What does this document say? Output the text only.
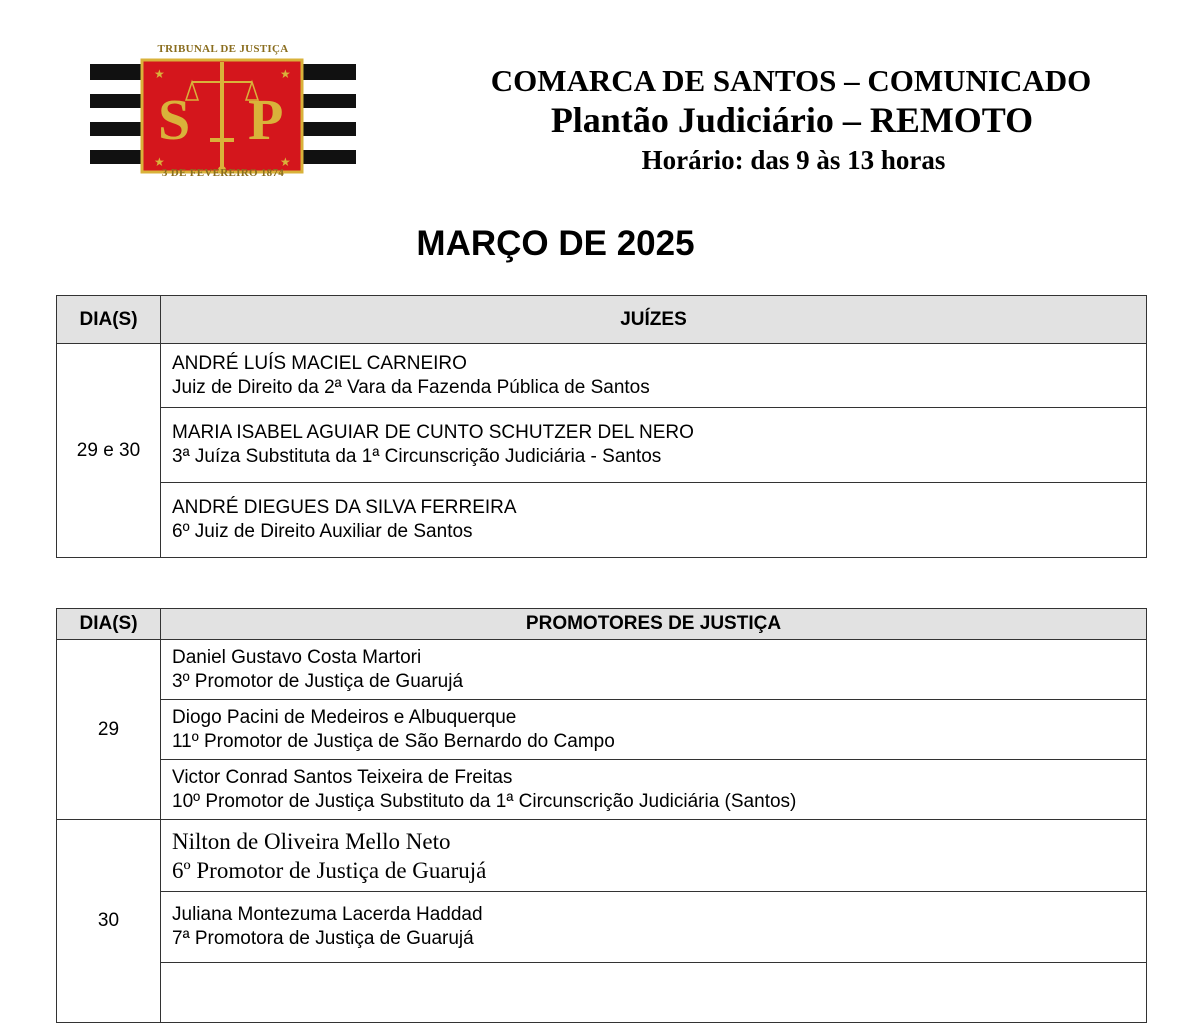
TRIBUNAL DE JUSTIÇA
★	★
★	★
S P
3 DE FEVEREIRO 1874
COMARCA DE SANTOS – COMUNICADO
Plantão Judiciário – REMOTO
Horário: das 9 às 13 horas
MARÇO DE 2025
DIA(S)	JUÍZES
29 e 30	ANDRÉ LUÍS MACIEL CARNEIRO
Juiz de Direito da 2ª Vara da Fazenda Pública de Santos

	MARIA ISABEL AGUIAR DE CUNTO SCHUTZER DEL NERO
3ª Juíza Substituta da 1ª Circunscrição Judiciária - Santos

	ANDRÉ DIEGUES DA SILVA FERREIRA
6º Juiz de Direito Auxiliar de Santos
DIA(S)	PROMOTORES DE JUSTIÇA
29	Daniel Gustavo Costa Martori
3º Promotor de Justiça de Guarujá

	Diogo Pacini de Medeiros e Albuquerque
11º Promotor de Justiça de São Bernardo do Campo

	Victor Conrad Santos Teixeira de Freitas
10º Promotor de Justiça Substituto da 1ª Circunscrição Judiciária (Santos)

30	Nilton de Oliveira Mello Neto
6º Promotor de Justiça de Guarujá

	Juliana Montezuma Lacerda Haddad
7ª Promotora de Justiça de Guarujá
